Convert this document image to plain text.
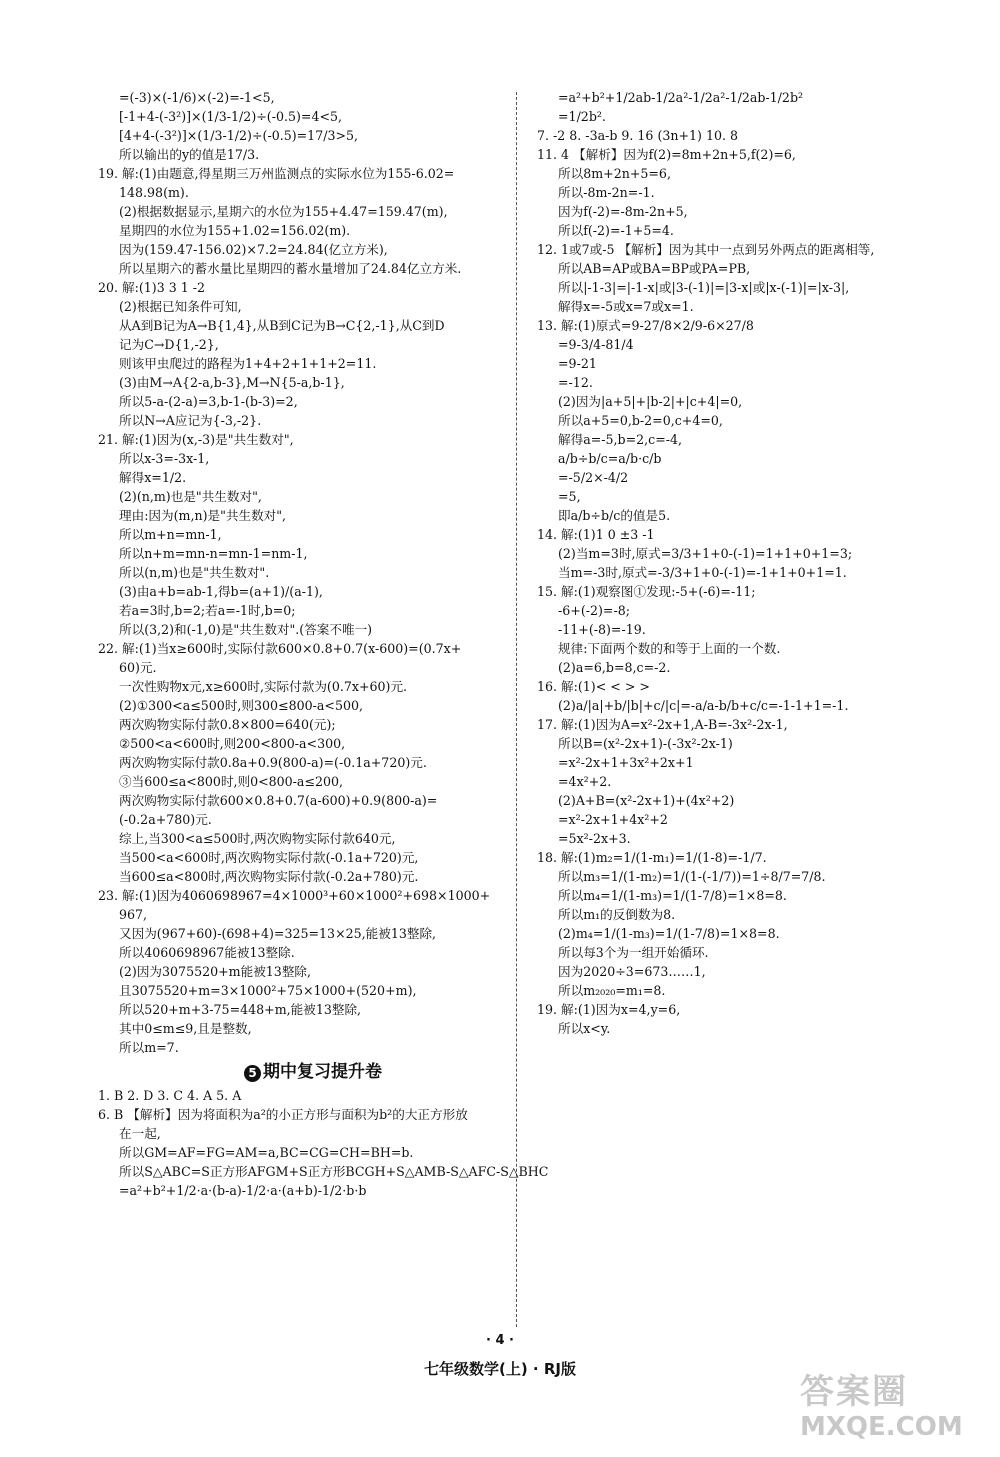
=(-3)×(-1/6)×(-2)=-1<5,

[-1+4-(-3²)]×(1/3-1/2)÷(-0.5)=4<5,

[4+4-(-3²)]×(1/3-1/2)÷(-0.5)=17/3>5,

所以输出的y的值是17/3.

19. 解:(1)由题意,得星期三万州监测点的实际水位为155-6.02=

148.98(m).

(2)根据数据显示,星期六的水位为155+4.47=159.47(m),

星期四的水位为155+1.02=156.02(m).

因为(159.47-156.02)×7.2=24.84(亿立方米),

所以星期六的蓄水量比星期四的蓄水量增加了24.84亿立方米.

20. 解:(1)3 3 1 -2

(2)根据已知条件可知,

从A到B记为A→B{1,4},从B到C记为B→C{2,-1},从C到D

记为C→D{1,-2},

则该甲虫爬过的路程为1+4+2+1+1+2=11.

(3)由M→A{2-a,b-3},M→N{5-a,b-1},

所以5-a-(2-a)=3,b-1-(b-3)=2,

所以N→A应记为{-3,-2}.

21. 解:(1)因为(x,-3)是"共生数对",

所以x-3=-3x-1,

解得x=1/2.

(2)(n,m)也是"共生数对",

理由:因为(m,n)是"共生数对",

所以m+n=mn-1,

所以n+m=mn-n=mn-1=nm-1,

所以(n,m)也是"共生数对".

(3)由a+b=ab-1,得b=(a+1)/(a-1),

若a=3时,b=2;若a=-1时,b=0;

所以(3,2)和(-1,0)是"共生数对".(答案不唯一)

22. 解:(1)当x≥600时,实际付款600×0.8+0.7(x-600)=(0.7x+

60)元.

一次性购物x元,x≥600时,实际付款为(0.7x+60)元.

(2)①300<a≤500时,则300≤800-a<500,

两次购物实际付款0.8×800=640(元);

②500<a<600时,则200<800-a<300,

两次购物实际付款0.8a+0.9(800-a)=(-0.1a+720)元.

③当600≤a<800时,则0<800-a≤200,

两次购物实际付款600×0.8+0.7(a-600)+0.9(800-a)=

(-0.2a+780)元.

综上,当300<a≤500时,两次购物实际付款640元,

当500<a<600时,两次购物实际付款(-0.1a+720)元,

当600≤a<800时,两次购物实际付款(-0.2a+780)元.

23. 解:(1)因为4060698967=4×1000³+60×1000²+698×1000+

967,

又因为(967+60)-(698+4)=325=13×25,能被13整除,

所以4060698967能被13整除.

(2)因为3075520+m能被13整除,

且3075520+m=3×1000²+75×1000+(520+m),

所以520+m+3-75=448+m,能被13整除,

其中0≤m≤9,且是整数,

所以m=7.

5 期中复习提升卷

1. B 2. D 3. C 4. A 5. A

6. B 【解析】因为将面积为a²的小正方形与面积为b²的大正方形放

在一起,

所以GM=AF=FG=AM=a,BC=CG=CH=BH=b.

所以S△ABC=S正方形AFGM+S正方形BCGH+S△AMB-S△AFC-S△BHC

=a²+b²+1/2·a·(b-a)-1/2·a·(a+b)-1/2·b·b

=a²+b²+1/2ab-1/2a²-1/2a²-1/2ab-1/2b²

=1/2b².

7. -2 8. -3a-b 9. 16 (3n+1) 10. 8

11. 4 【解析】因为f(2)=8m+2n+5,f(2)=6,

所以8m+2n+5=6,

所以-8m-2n=-1.

因为f(-2)=-8m-2n+5,

所以f(-2)=-1+5=4.

12. 1或7或-5 【解析】因为其中一点到另外两点的距离相等,

所以AB=AP或BA=BP或PA=PB,

所以|-1-3|=|-1-x|或|3-(-1)|=|3-x|或|x-(-1)|=|x-3|,

解得x=-5或x=7或x=1.

13. 解:(1)原式=9-27/8×2/9-6×27/8

=9-3/4-81/4

=9-21

=-12.

(2)因为|a+5|+|b-2|+|c+4|=0,

所以a+5=0,b-2=0,c+4=0,

解得a=-5,b=2,c=-4,

a/b÷b/c=a/b·c/b

=-5/2×-4/2

=5,

即a/b÷b/c的值是5.

14. 解:(1)1 0 ±3 -1

(2)当m=3时,原式=3/3+1+0-(-1)=1+1+0+1=3;

当m=-3时,原式=-3/3+1+0-(-1)=-1+1+0+1=1.

15. 解:(1)观察图①发现:-5+(-6)=-11;

-6+(-2)=-8;

-11+(-8)=-19.

规律:下面两个数的和等于上面的一个数.

(2)a=6,b=8,c=-2.

16. 解:(1)< < > >

(2)a/|a|+b/|b|+c/|c|=-a/a-b/b+c/c=-1-1+1=-1.

17. 解:(1)因为A=x²-2x+1,A-B=-3x²-2x-1,

所以B=(x²-2x+1)-(-3x²-2x-1)

=x²-2x+1+3x²+2x+1

=4x²+2.

(2)A+B=(x²-2x+1)+(4x²+2)

=x²-2x+1+4x²+2

=5x²-2x+3.

18. 解:(1)m₂=1/(1-m₁)=1/(1-8)=-1/7.

所以m₃=1/(1-m₂)=1/(1-(-1/7))=1÷8/7=7/8.

所以m₄=1/(1-m₃)=1/(1-7/8)=1×8=8.

所以m₁的反倒数为8.

(2)m₄=1/(1-m₃)=1/(1-7/8)=1×8=8.

所以每3个为一组开始循环.

因为2020÷3=673……1,

所以m₂₀₂₀=m₁=8.

19. 解:(1)因为x=4,y=6,

所以x<y.

· 4 ·
七年级数学(上) · RJ版
答案圈
MXQE.COM
